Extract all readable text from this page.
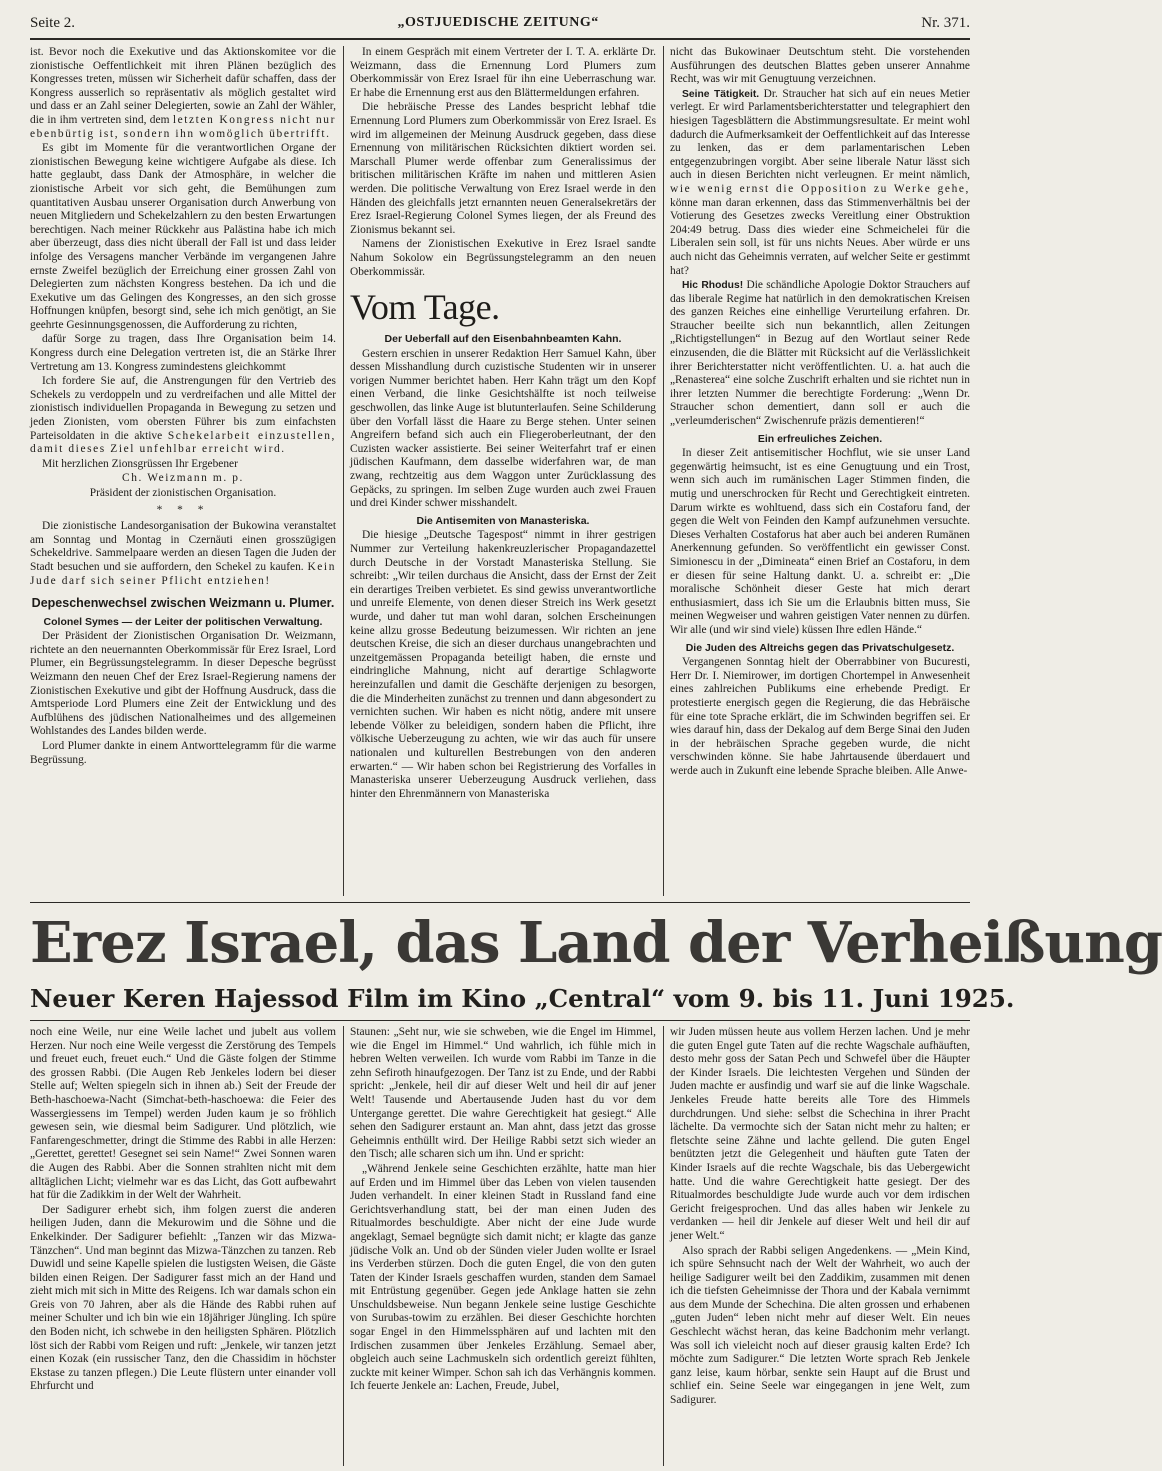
Seite 2.	„OSTJUEDISCHE ZEITUNG“	Nr. 371.

ist. Bevor noch die Exekutive und das Aktionskomitee vor die zionistische Oeffentlichkeit mit ihren Plänen bezüglich des Kongresses treten, müssen wir Sicherheit dafür schaffen, dass der Kongress ausserlich so repräsentativ als möglich gestaltet wird und dass er an Zahl seiner Delegierten, sowie an Zahl der Wähler, die in ihm vertreten sind, dem letzten Kongress nicht nur ebenbürtig ist, sondern ihn womöglich übertrifft.

Es gibt im Momente für die verantwortlichen Organe der zionistischen Bewegung keine wichtigere Aufgabe als diese. Ich hatte geglaubt, dass Dank der Atmosphäre, in welcher die zionistische Arbeit vor sich geht, die Bemühungen zum quantitativen Ausbau unserer Organisation durch Anwerbung von neuen Mitgliedern und Schekelzahlern zu den besten Erwartungen berechtigen. Nach meiner Rückkehr aus Palästina habe ich mich aber überzeugt, dass dies nicht überall der Fall ist und dass leider infolge des Versagens mancher Verbände im vergangenen Jahre ernste Zweifel bezüglich der Erreichung einer grossen Zahl von Delegierten zum nächsten Kongress bestehen. Da ich und die Exekutive um das Gelingen des Kongresses, an den sich grosse Hoffnungen knüpfen, besorgt sind, sehe ich mich genötigt, an Sie geehrte Gesinnungsgenossen, die Aufforderung zu richten,

dafür Sorge zu tragen, dass Ihre Organisation beim 14. Kongress durch eine Delegation vertreten ist, die an Stärke Ihrer Vertretung am 13. Kongress zumindestens gleichkommt

Ich fordere Sie auf, die Anstrengungen für den Vertrieb des Schekels zu verdoppeln und zu verdreifachen und alle Mittel der zionistisch individuellen Propaganda in Bewegung zu setzen und jeden Zionisten, vom obersten Führer bis zum einfachsten Parteisoldaten in die aktive Schekelarbeit einzustellen, damit dieses Ziel unfehlbar erreicht wird.

Mit herzlichen Zionsgrüssen Ihr Ergebener

Ch. Weizmann m. p.

Präsident der zionistischen Organisation.

* * *

Die zionistische Landesorganisation der Bukowina veranstaltet am Sonntag und Montag in Czernäuti einen grosszügigen Schekeldrive. Sammelpaare werden an diesen Tagen die Juden der Stadt besuchen und sie auffordern, den Schekel zu kaufen. Kein Jude darf sich seiner Pflicht entziehen!

Depeschenwechsel zwischen Weizmann u. Plumer.
Colonel Symes — der Leiter der politischen Verwaltung.

Der Präsident der Zionistischen Organisation Dr. Weizmann, richtete an den neuernannten Oberkommissär für Erez Israel, Lord Plumer, ein Begrüssungstelegramm. In dieser Depesche begrüsst Weizmann den neuen Chef der Erez Israel-Regierung namens der Zionistischen Exekutive und gibt der Hoffnung Ausdruck, dass die Amtsperiode Lord Plumers eine Zeit der Entwicklung und des Aufblühens des jüdischen Nationalheimes und des allgemeinen Wohlstandes des Landes bilden werde.

Lord Plumer dankte in einem Antworttelegramm für die warme Begrüssung.

In einem Gespräch mit einem Vertreter der I. T. A. erklärte Dr. Weizmann, dass die Ernennung Lord Plumers zum Oberkommissär von Erez Israel für ihn eine Ueberraschung war. Er habe die Ernennung erst aus den Blättermeldungen erfahren.

Die hebräische Presse des Landes bespricht lebhaf tdie Ernennung Lord Plumers zum Oberkommissär von Erez Israel. Es wird im allgemeinen der Meinung Ausdruck gegeben, dass diese Ernennung von militärischen Rücksichten diktiert worden sei. Marschall Plumer werde offenbar zum Generalissimus der britischen militärischen Kräfte im nahen und mittleren Asien werden. Die politische Verwaltung von Erez Israel werde in den Händen des gleichfalls jetzt ernannten neuen Generalsekretärs der Erez Israel-Regierung Colonel Symes liegen, der als Freund des Zionismus bekannt sei.

Namens der Zionistischen Exekutive in Erez Israel sandte Nahum Sokolow ein Begrüssungstelegramm an den neuen Oberkommissär.

Vom Tage.

Der Ueberfall auf den Eisenbahnbeamten Kahn.

Gestern erschien in unserer Redaktion Herr Samuel Kahn, über dessen Misshandlung durch cuzistische Studenten wir in unserer vorigen Nummer berichtet haben. Herr Kahn trägt um den Kopf einen Verband, die linke Gesichtshälfte ist noch teilweise geschwollen, das linke Auge ist blutunterlaufen. Seine Schilderung über den Vorfall lässt die Haare zu Berge stehen. Unter seinen Angreifern befand sich auch ein Fliegeroberleutnant, der den Cuzisten wacker assistierte. Bei seiner Weiterfahrt traf er einen jüdischen Kaufmann, dem dasselbe widerfahren war, de man zwang, rechtzeitig aus dem Waggon unter Zurücklassung des Gepäcks, zu springen. Im selben Zuge wurden auch zwei Frauen und drei Kinder schwer misshandelt.

Die Antisemiten von Manasteriska.

Die hiesige „Deutsche Tagespost“ nimmt in ihrer gestrigen Nummer zur Verteilung hakenkreuzlerischer Propagandazettel durch Deutsche in der Vorstadt Manasteriska Stellung. Sie schreibt: „Wir teilen durchaus die Ansicht, dass der Ernst der Zeit ein derartiges Treiben verbietet. Es sind gewiss unverantwortliche und unreife Elemente, von denen dieser Streich ins Werk gesetzt wurde, und daher tut man wohl daran, solchen Erscheinungen keine allzu grosse Bedeutung beizumessen. Wir richten an jene deutschen Kreise, die sich an dieser durchaus unangebrachten und unzeitgemässen Propaganda beteiligt haben, die ernste und eindringliche Mahnung, nicht auf derartige Schlagworte hereinzufallen und damit die Geschäfte derjenigen zu besorgen, die die Minderheiten zunächst zu trennen und dann abgesondert zu vernichten suchen. Wir haben es nicht nötig, andere mit unsere lebende Völker zu beleidigen, sondern haben die Pflicht, ihre völkische Ueberzeugung zu achten, wie wir das auch für unsere nationalen und kulturellen Bestrebungen von den anderen erwarten.“ — Wir haben schon bei Registrierung des Vorfalles in Manasteriska unserer Ueberzeugung Ausdruck verliehen, dass hinter den Ehrenmännern von Manasteriska

nicht das Bukowinaer Deutschtum steht. Die vorstehenden Ausführungen des deutschen Blattes geben unserer Annahme Recht, was wir mit Genugtuung verzeichnen.

Seine Tätigkeit. Dr. Straucher hat sich auf ein neues Metier verlegt. Er wird Parlamentsberichterstatter und telegraphiert den hiesigen Tagesblättern die Abstimmungsresultate. Er meint wohl dadurch die Aufmerksamkeit der Oeffentlichkeit auf das Interesse zu lenken, das er dem parlamentarischen Leben entgegenzubringen vorgibt. Aber seine liberale Natur lässt sich auch in diesen Berichten nicht verleugnen. Er meint nämlich, wie wenig ernst die Opposition zu Werke gehe, könne man daran erkennen, dass das Stimmenverhältnis bei der Votierung des Gesetzes zwecks Vereitlung einer Obstruktion 204:49 betrug. Dass dies wieder eine Schmeichelei für die Liberalen sein soll, ist für uns nichts Neues. Aber würde er uns auch nicht das Geheimnis verraten, auf welcher Seite er gestimmt hat?

Hic Rhodus! Die schändliche Apologie Doktor Strauchers auf das liberale Regime hat natürlich in den demokratischen Kreisen des ganzen Reiches eine einhellige Verurteilung erfahren. Dr. Straucher beeilte sich nun bekanntlich, allen Zeitungen „Richtigstellungen“ in Bezug auf den Wortlaut seiner Rede einzusenden, die die Blätter mit Rücksicht auf die Verlässlichkeit ihrer Berichterstatter nicht veröffentlichten. U. a. hat auch die „Renasterea“ eine solche Zuschrift erhalten und sie richtet nun in ihrer letzten Nummer die berechtigte Forderung: „Wenn Dr. Straucher schon dementiert, dann soll er auch die „verleumderischen“ Zwischenrufe präzis dementieren!“

Ein erfreuliches Zeichen.

In dieser Zeit antisemitischer Hochflut, wie sie unser Land gegenwärtig heimsucht, ist es eine Genugtuung und ein Trost, wenn sich auch im rumänischen Lager Stimmen finden, die mutig und unerschrocken für Recht und Gerechtigkeit eintreten. Darum wirkte es wohltuend, dass sich ein Costaforu fand, der gegen die Welt von Feinden den Kampf aufzunehmen versuchte. Dieses Verhalten Costaforus hat aber auch bei anderen Rumänen Anerkennung gefunden. So veröffentlicht ein gewisser Const. Simionescu in der „Dimineata“ einen Brief an Costaforu, in dem er diesen für seine Haltung dankt. U. a. schreibt er: „Die moralische Schönheit dieser Geste hat mich derart enthusiasmiert, dass ich Sie um die Erlaubnis bitten muss, Sie meinen Wegweiser und wahren geistigen Vater nennen zu dürfen. Wir alle (und wir sind viele) küssen Ihre edlen Hände.“

Die Juden des Altreichs gegen das Privatschulgesetz.

Vergangenen Sonntag hielt der Oberrabbiner von Bucuresti, Herr Dr. I. Niemirower, im dortigen Chortempel in Anwesenheit eines zahlreichen Publikums eine erhebende Predigt. Er protestierte energisch gegen die Regierung, die das Hebräische für eine tote Sprache erklärt, die im Schwinden begriffen sei. Er wies darauf hin, dass der Dekalog auf dem Berge Sinai den Juden in der hebräischen Sprache gegeben wurde, die nicht verschwinden könne. Sie habe Jahrtausende überdauert und werde auch in Zukunft eine lebende Sprache bleiben. Alle Anwe-

Erez Israel, das Land der Verheißung
Neuer Keren Hajessod Film im Kino „Central“ vom 9. bis 11. Juni 1925.

noch eine Weile, nur eine Weile lachet und jubelt aus vollem Herzen. Nur noch eine Weile vergesst die Zerstörung des Tempels und freuet euch, freuet euch.“ Und die Gäste folgen der Stimme des grossen Rabbi. (Die Augen Reb Jenkeles lodern bei dieser Stelle auf; Welten spiegeln sich in ihnen ab.) Seit der Freude der Beth-haschoewa-Nacht (Simchat-beth-haschoewa: die Feier des Wassergiessens im Tempel) werden Juden kaum je so fröhlich gewesen sein, wie diesmal beim Sadigurer. Und plötzlich, wie Fanfarengeschmetter, dringt die Stimme des Rabbi in alle Herzen: „Gerettet, gerettet! Gesegnet sei sein Name!“ Zwei Sonnen waren die Augen des Rabbi. Aber die Sonnen strahlten nicht mit dem alltäglichen Licht; vielmehr war es das Licht, das Gott aufbewahrt hat für die Zadikkim in der Welt der Wahrheit.

Der Sadigurer erhebt sich, ihm folgen zuerst die anderen heiligen Juden, dann die Mekurowim und die Söhne und die Enkelkinder. Der Sadigurer befiehlt: „Tanzen wir das Mizwa-Tänzchen“. Und man beginnt das Mizwa-Tänzchen zu tanzen. Reb Duwidl und seine Kapelle spielen die lustigsten Weisen, die Gäste bilden einen Reigen. Der Sadigurer fasst mich an der Hand und zieht mich mit sich in Mitte des Reigens. Ich war damals schon ein Greis von 70 Jahren, aber als die Hände des Rabbi ruhen auf meiner Schulter und ich bin wie ein 18jähriger Jüngling. Ich spüre den Boden nicht, ich schwebe in den heiligsten Sphären. Plötzlich löst sich der Rabbi vom Reigen und ruft: „Jenkele, wir tanzen jetzt einen Kozak (ein russischer Tanz, den die Chassidim in höchster Ekstase zu tanzen pflegen.) Die Leute flüstern unter einander voll Ehrfurcht und

Staunen: „Seht nur, wie sie schweben, wie die Engel im Himmel, wie die Engel im Himmel.“ Und wahrlich, ich fühle mich in hebren Welten verweilen. Ich wurde vom Rabbi im Tanze in die zehn Sefiroth hinaufgezogen. Der Tanz ist zu Ende, und der Rabbi spricht: „Jenkele, heil dir auf dieser Welt und heil dir auf jener Welt! Tausende und Abertausende Juden hast du vor dem Untergange gerettet. Die wahre Gerechtigkeit hat gesiegt.“ Alle sehen den Sadigurer erstaunt an. Man ahnt, dass jetzt das grosse Geheimnis enthüllt wird. Der Heilige Rabbi setzt sich wieder an den Tisch; alle scharen sich um ihn. Und er spricht:

„Während Jenkele seine Geschichten erzählte, hatte man hier auf Erden und im Himmel über das Leben von vielen tausenden Juden verhandelt. In einer kleinen Stadt in Russland fand eine Gerichtsverhandlung statt, bei der man einen Juden des Ritualmordes beschuldigte. Aber nicht der eine Jude wurde angeklagt, Semael begnügte sich damit nicht; er klagte das ganze jüdische Volk an. Und ob der Sünden vieler Juden wollte er Israel ins Verderben stürzen. Doch die guten Engel, die von den guten Taten der Kinder Israels geschaffen wurden, standen dem Samael mit Entrüstung gegenüber. Gegen jede Anklage hatten sie zehn Unschuldsbeweise. Nun begann Jenkele seine lustige Geschichte von Surubas-towim zu erzählen. Bei dieser Geschichte horchten sogar Engel in den Himmelssphären auf und lachten mit den Irdischen zusammen über Jenkeles Erzählung. Semael aber, obgleich auch seine Lachmuskeln sich ordentlich gereizt fühlten, zuckte mit keiner Wimper. Schon sah ich das Verhängnis kommen. Ich feuerte Jenkele an: Lachen, Freude, Jubel,

wir Juden müssen heute aus vollem Herzen lachen. Und je mehr die guten Engel gute Taten auf die rechte Wagschale aufhäuften, desto mehr goss der Satan Pech und Schwefel über die Häupter der Kinder Israels. Die leichtesten Vergehen und Sünden der Juden machte er ausfindig und warf sie auf die linke Wagschale. Jenkeles Freude hatte bereits alle Tore des Himmels durchdrungen. Und siehe: selbst die Schechina in ihrer Pracht lächelte. Da vermochte sich der Satan nicht mehr zu halten; er fletschte seine Zähne und lachte gellend. Die guten Engel benützten jetzt die Gelegenheit und häuften gute Taten der Kinder Israels auf die rechte Wagschale, bis das Uebergewicht hatte. Und die wahre Gerechtigkeit hatte gesiegt. Der des Ritualmordes beschuldigte Jude wurde auch vor dem irdischen Gericht freigesprochen. Und das alles haben wir Jenkele zu verdanken — heil dir Jenkele auf dieser Welt und heil dir auf jener Welt.“

Also sprach der Rabbi seligen Angedenkens. — „Mein Kind, ich spüre Sehnsucht nach der Welt der Wahrheit, wo auch der heilige Sadigurer weilt bei den Zaddikim, zusammen mit denen ich die tiefsten Geheimnisse der Thora und der Kabala vernimmt aus dem Munde der Schechina. Die alten grossen und erhabenen „guten Juden“ leben nicht mehr auf dieser Welt. Ein neues Geschlecht wächst heran, das keine Badchonim mehr verlangt. Was soll ich vieleicht noch auf dieser grausig kalten Erde? Ich möchte zum Sadigurer.“ Die letzten Worte sprach Reb Jenkele ganz leise, kaum hörbar, senkte sein Haupt auf die Brust und schlief ein. Seine Seele war eingegangen in jene Welt, zum Sadigurer.
